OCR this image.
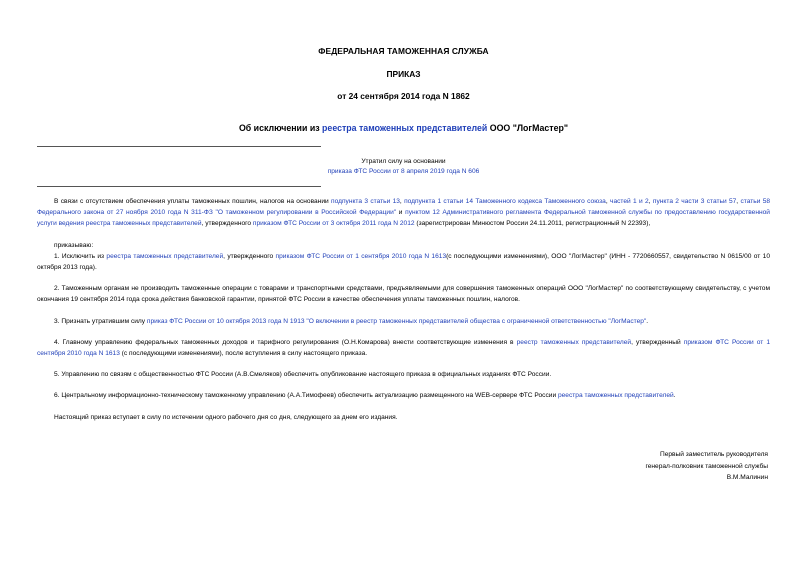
ФЕДЕРАЛЬНАЯ ТАМОЖЕННАЯ СЛУЖБА
ПРИКАЗ
от 24 сентября 2014 года N 1862
Об исключении из реестра таможенных представителей ООО "ЛогМастер"
Утратил силу на основании
приказа ФТС России от 8 апреля 2019 года N 606

В связи с отсутствием обеспечения уплаты таможенных пошлин, налогов на основании подпункта 3 статьи 13, подпункта 1 статьи 14 Таможенного кодекса Таможенного союза, частей 1 и 2, пункта 2 части 3 статьи 57, статьи 58 Федерального закона от 27 ноября 2010 года N 311-ФЗ "О таможенном регулировании в Российской Федерации" и пунктом 12 Административного регламента Федеральной таможенной службы по предоставлению государственной услуги ведения реестра таможенных представителей, утвержденного приказом ФТС России от 3 октября 2011 года N 2012 (зарегистрирован Минюстом России 24.11.2011, регистрационный N 22393),

приказываю:

1. Исключить из реестра таможенных представителей, утвержденного приказом ФТС России от 1 сентября 2010 года N 1613(с последующими изменениями), ООО "ЛогМастер" (ИНН - 7720660557, свидетельство N 0615/00 от 10 октября 2013 года).

2. Таможенным органам не производить таможенные операции с товарами и транспортными средствами, предъявляемыми для совершения таможенных операций ООО "ЛогМастер" по соответствующему свидетельству, с учетом окончания 19 сентября 2014 года срока действия банковской гарантии, принятой ФТС России в качестве обеспечения уплаты таможенных пошлин, налогов.

3. Признать утратившим силу приказ ФТС России от 10 октября 2013 года N 1913 "О включении в реестр таможенных представителей общества с ограниченной ответственностью "ЛогМастер".

4. Главному управлению федеральных таможенных доходов и тарифного регулирования (О.Н.Комарова) внести соответствующие изменения в реестр таможенных представителей, утвержденный приказом ФТС России от 1 сентября 2010 года N 1613 (с последующими изменениями), после вступления в силу настоящего приказа.

5. Управлению по связям с общественностью ФТС России (А.В.Смеляков) обеспечить опубликование настоящего приказа в официальных изданиях ФТС России.

6. Центральному информационно-техническому таможенному управлению (А.А.Тимофеев) обеспечить актуализацию размещенного на WEB-сервере ФТС России реестра таможенных представителей.

Настоящий приказ вступает в силу по истечении одного рабочего дня со дня, следующего за днем его издания.

Первый заместитель руководителя
генерал-полковник таможенной службы
В.М.Малинин
